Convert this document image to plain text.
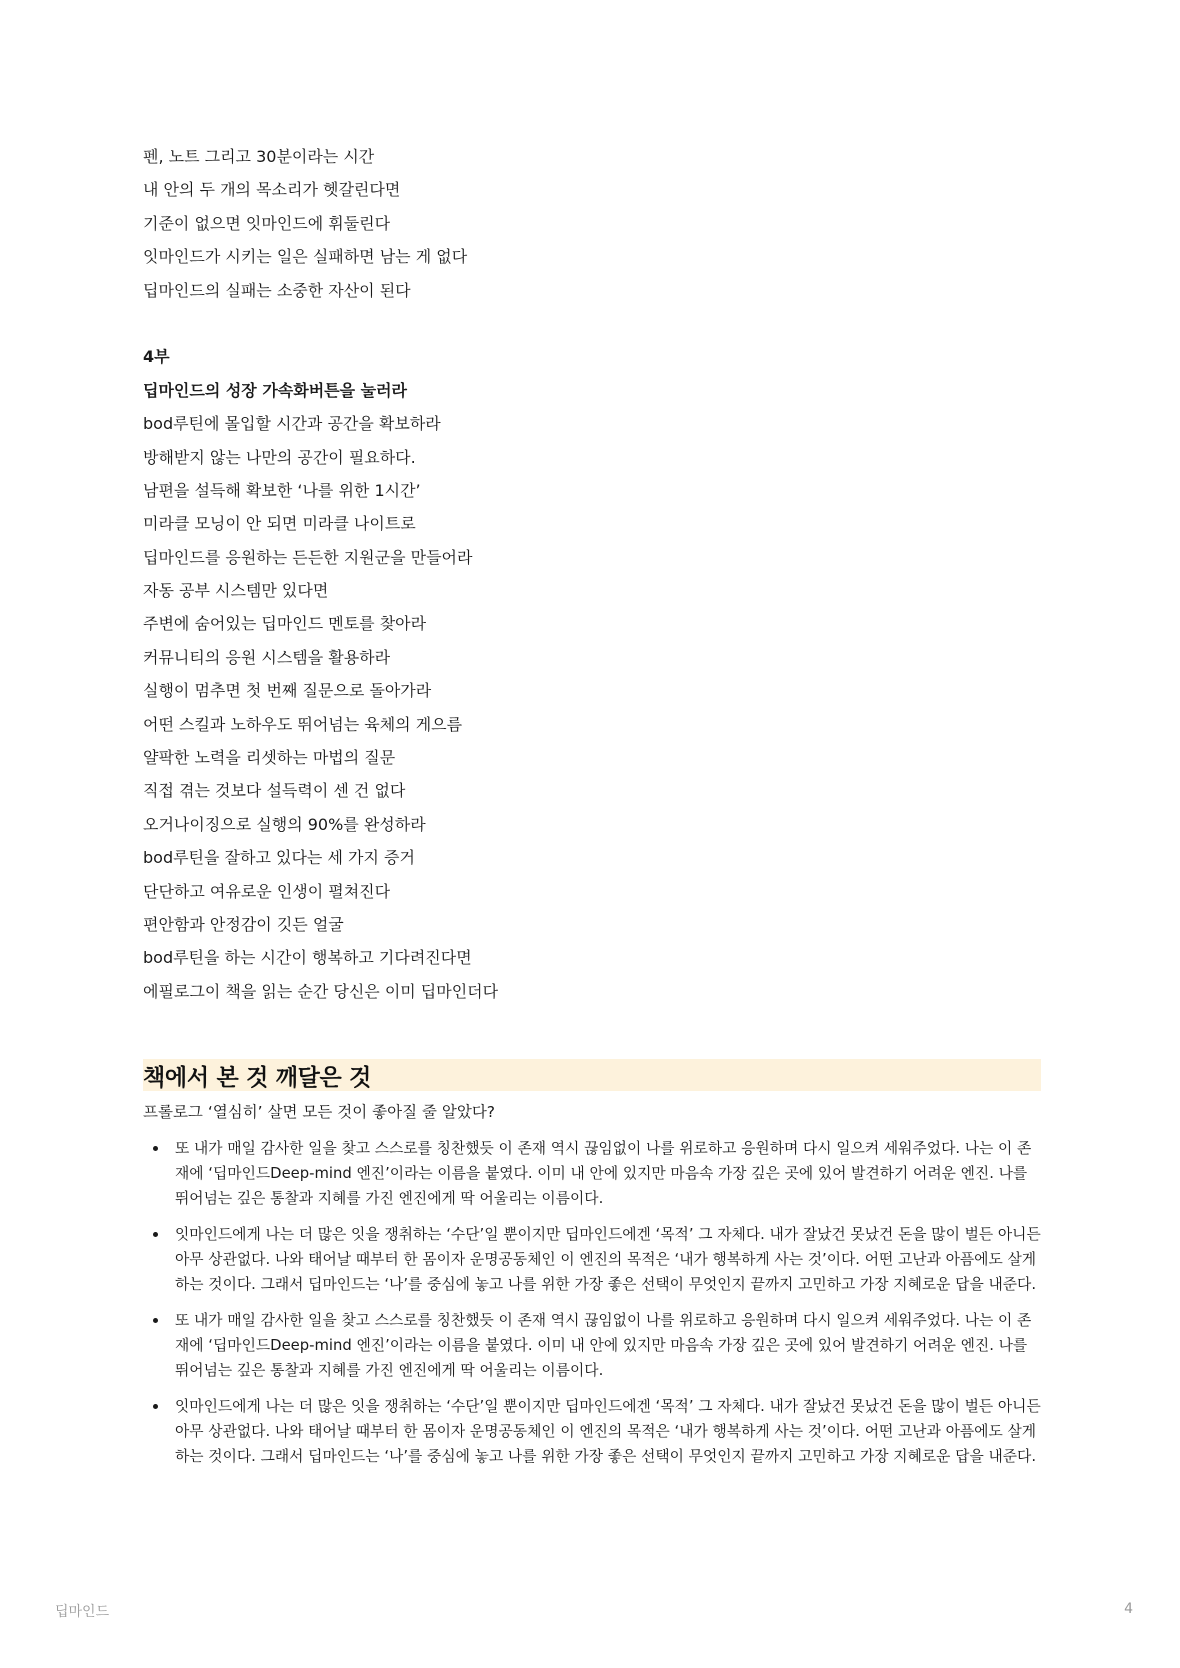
펜, 노트 그리고 30분이라는 시간
내 안의 두 개의 목소리가 헷갈린다면
기준이 없으면 잇마인드에 휘둘린다
잇마인드가 시키는 일은 실패하면 남는 게 없다
딥마인드의 실패는 소중한 자산이 된다
4부
딥마인드의 성장 가속화버튼을 눌러라
bod루틴에 몰입할 시간과 공간을 확보하라
방해받지 않는 나만의 공간이 필요하다.
남편을 설득해 확보한 ‘나를 위한 1시간’
미라클 모닝이 안 되면 미라클 나이트로
딥마인드를 응원하는 든든한 지원군을 만들어라
자동 공부 시스템만 있다면
주변에 숨어있는 딥마인드 멘토를 찾아라
커뮤니티의 응원 시스템을 활용하라
실행이 멈추면 첫 번째 질문으로 돌아가라
어떤 스킬과 노하우도 뛰어넘는 육체의 게으름
얄팍한 노력을 리셋하는 마법의 질문
직접 겪는 것보다 설득력이 센 건 없다
오거나이징으로 실행의 90%를 완성하라
bod루틴을 잘하고 있다는 세 가지 증거
단단하고 여유로운 인생이 펼쳐진다
편안함과 안정감이 깃든 얼굴
bod루틴을 하는 시간이 행복하고 기다려진다면
에필로그이 책을 읽는 순간 당신은 이미 딥마인더다
책에서 본 것 깨달은 것

프롤로그 ‘열심히’ 살면 모든 것이 좋아질 줄 알았다?

또 내가 매일 감사한 일을 찾고 스스로를 칭찬했듯 이 존재 역시 끊임없이 나를 위로하고 응원하며 다시 일으켜 세워주었다. 나는 이 존재에 ‘딥마인드Deep-mind 엔진’이라는 이름을 붙였다. 이미 내 안에 있지만 마음속 가장 깊은 곳에 있어 발견하기 어려운 엔진. 나를 뛰어넘는 깊은 통찰과 지혜를 가진 엔진에게 딱 어울리는 이름이다.
잇마인드에게 나는 더 많은 잇을 쟁취하는 ‘수단’일 뿐이지만 딥마인드에겐 ‘목적’ 그 자체다. 내가 잘났건 못났건 돈을 많이 벌든 아니든 아무 상관없다. 나와 태어날 때부터 한 몸이자 운명공동체인 이 엔진의 목적은 ‘내가 행복하게 사는 것’이다. 어떤 고난과 아픔에도 살게 하는 것이다. 그래서 딥마인드는 ‘나’를 중심에 놓고 나를 위한 가장 좋은 선택이 무엇인지 끝까지 고민하고 가장 지혜로운 답을 내준다.
또 내가 매일 감사한 일을 찾고 스스로를 칭찬했듯 이 존재 역시 끊임없이 나를 위로하고 응원하며 다시 일으켜 세워주었다. 나는 이 존재에 ‘딥마인드Deep-mind 엔진’이라는 이름을 붙였다. 이미 내 안에 있지만 마음속 가장 깊은 곳에 있어 발견하기 어려운 엔진. 나를 뛰어넘는 깊은 통찰과 지혜를 가진 엔진에게 딱 어울리는 이름이다.
잇마인드에게 나는 더 많은 잇을 쟁취하는 ‘수단’일 뿐이지만 딥마인드에겐 ‘목적’ 그 자체다. 내가 잘났건 못났건 돈을 많이 벌든 아니든 아무 상관없다. 나와 태어날 때부터 한 몸이자 운명공동체인 이 엔진의 목적은 ‘내가 행복하게 사는 것’이다. 어떤 고난과 아픔에도 살게 하는 것이다. 그래서 딥마인드는 ‘나’를 중심에 놓고 나를 위한 가장 좋은 선택이 무엇인지 끝까지 고민하고 가장 지혜로운 답을 내준다.
딥마인드	4
